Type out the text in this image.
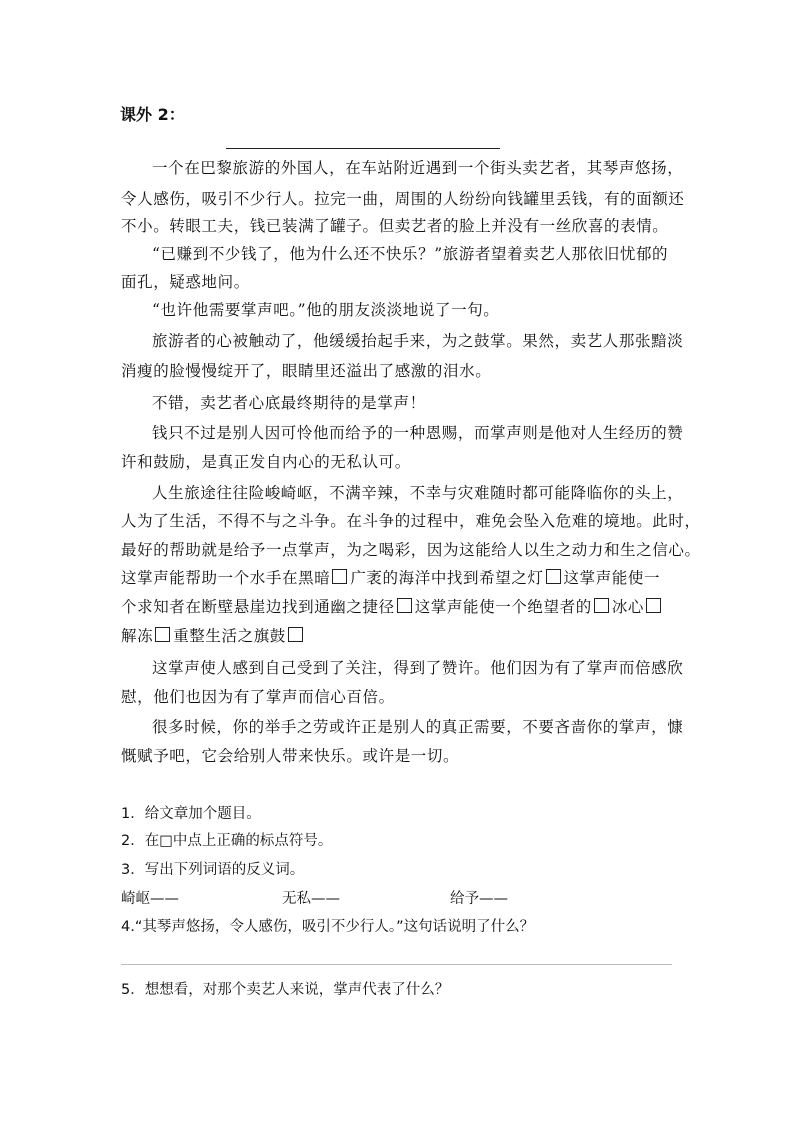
课外 2：
一个在巴黎旅游的外国人，在车站附近遇到一个街头卖艺者，其琴声悠扬，
令人感伤，吸引不少行人。拉完一曲，周围的人纷纷向钱罐里丢钱，有的面额还
不小。转眼工夫，钱已装满了罐子。但卖艺者的脸上并没有一丝欣喜的表情。
“已赚到不少钱了，他为什么还不快乐？”旅游者望着卖艺人那依旧忧郁的
面孔，疑惑地问。
“也许他需要掌声吧。”他的朋友淡淡地说了一句。
旅游者的心被触动了，他缓缓抬起手来，为之鼓掌。果然，卖艺人那张黯淡
消瘦的脸慢慢绽开了，眼睛里还溢出了感激的泪水。
不错，卖艺者心底最终期待的是掌声！
钱只不过是别人因可怜他而给予的一种恩赐，而掌声则是他对人生经历的赞
许和鼓励，是真正发自内心的无私认可。
人生旅途往往险峻崎岖，不满辛辣，不幸与灾难随时都可能降临你的头上，
人为了生活，不得不与之斗争。在斗争的过程中，难免会坠入危难的境地。此时，
最好的帮助就是给予一点掌声，为之喝彩，因为这能给人以生之动力和生之信心。
这掌声能帮助一个水手在黑暗 广袤的海洋中找到希望之灯 这掌声能使一
个求知者在断壁悬崖边找到通幽之捷径 这掌声能使一个绝望者的 冰心
解冻 重整生活之旗鼓
这掌声使人感到自己受到了关注，得到了赞许。他们因为有了掌声而倍感欣
慰，他们也因为有了掌声而信心百倍。
很多时候，你的举手之劳或许正是别人的真正需要，不要吝啬你的掌声，慷
慨赋予吧，它会给别人带来快乐。或许是一切。
1．给文章加个题目。
2．在□中点上正确的标点符号。
3．写出下列词语的反义词。
崎岖——	无私——	给予——
4.“其琴声悠扬，令人感伤，吸引不少行人。”这句话说明了什么？
5．想想看，对那个卖艺人来说，掌声代表了什么？
